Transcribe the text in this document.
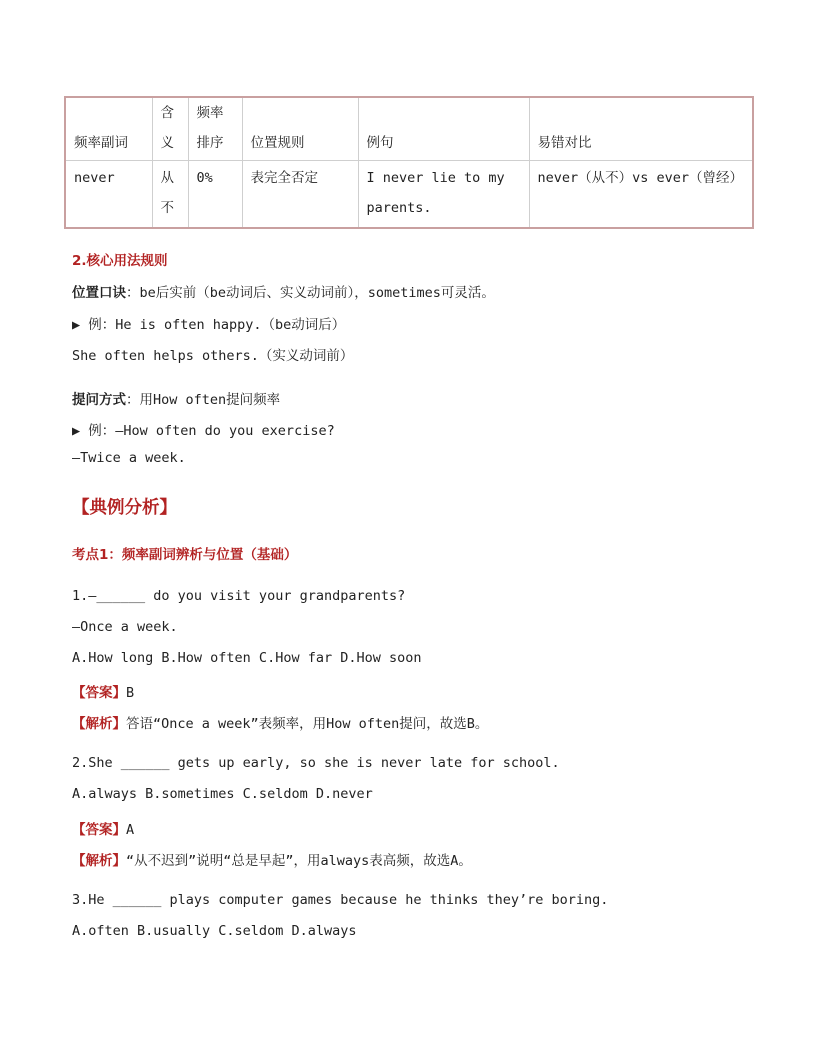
频率副词	含义	频率排序	位置规则	例句	易错对比
never	从不	0%	表完全否定	I never lie to my parents.	never（从不）vs ever（曾经）
2.核心用法规则
位置口诀：be后实前（be动词后、实义动词前），sometimes可灵活。
▶ 例：He is often happy.（be动词后）
She often helps others.（实义动词前）
提问方式：用How often提问频率
▶ 例：—How often do you exercise?
—Twice a week.
【典例分析】
考点1：频率副词辨析与位置（基础）
1.—______ do you visit your grandparents?
—Once a week.
A.How long B.How often C.How far D.How soon
【答案】B
【解析】答语“Once a week”表频率，用How often提问，故选B。
2.She ______ gets up early, so she is never late for school.
A.always B.sometimes C.seldom D.never
【答案】A
【解析】“从不迟到”说明“总是早起”，用always表高频，故选A。
3.He ______ plays computer games because he thinks they’re boring.
A.often B.usually C.seldom D.always
